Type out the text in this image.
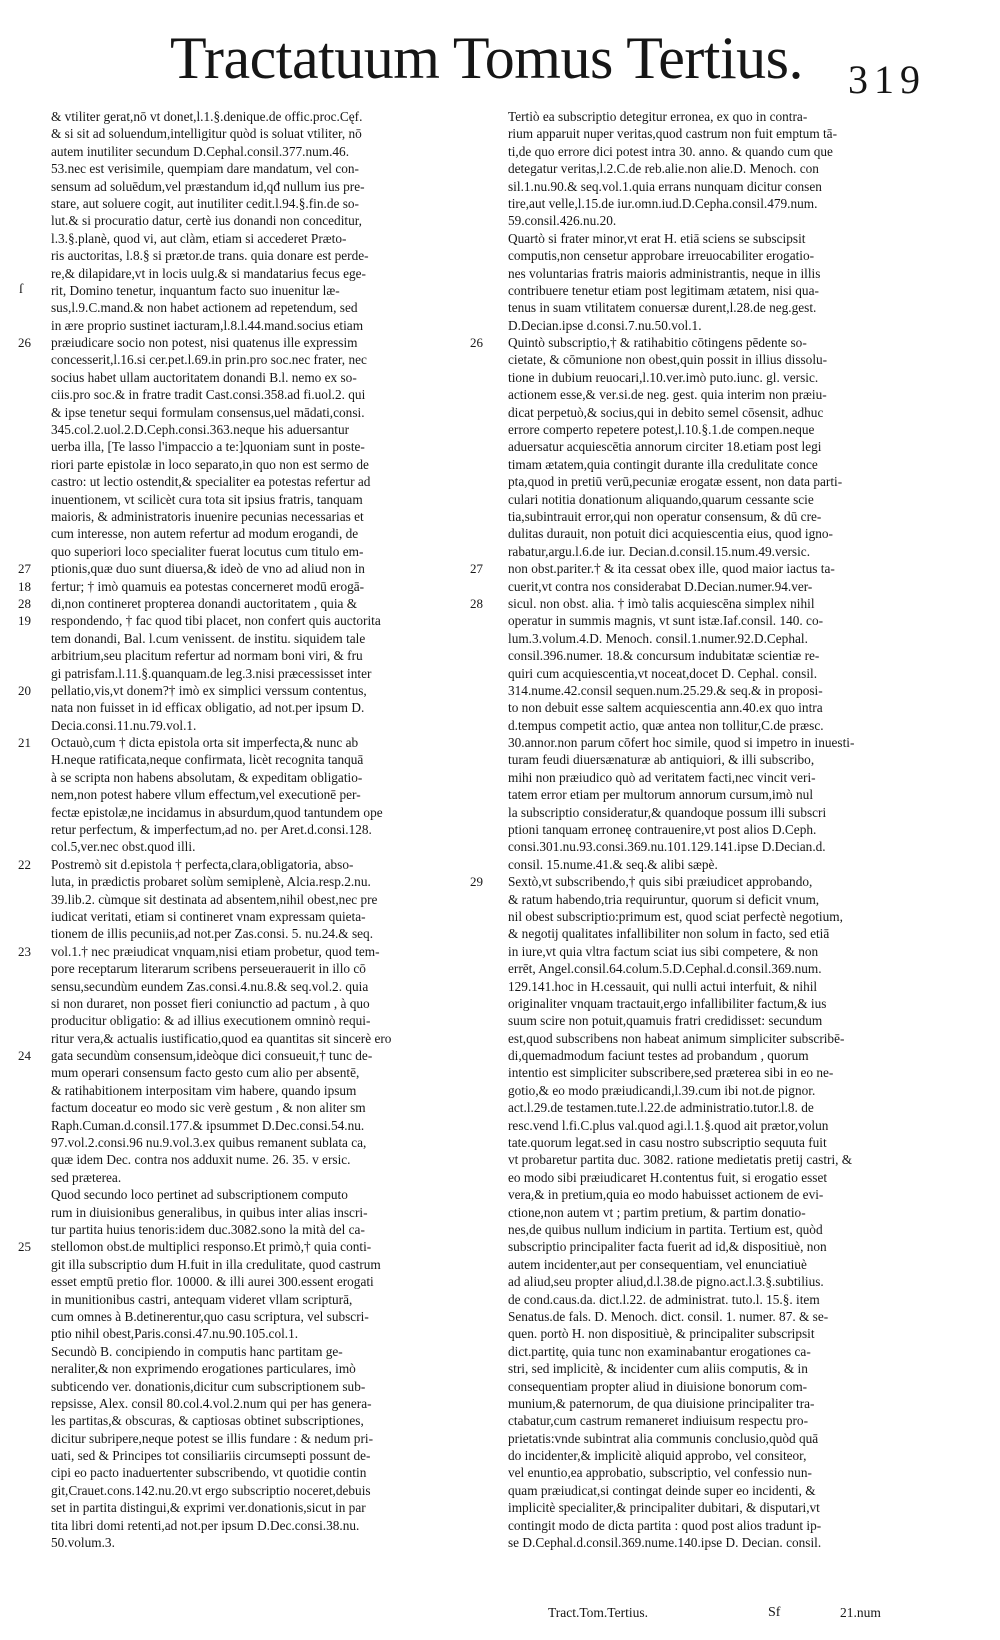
Tractatuum Tomus Tertius. 319
& vtiliter gerat,nō vt donet,l.1.§.denique.de offic.proc.Cęf.
& si sit ad soluendum,intelligitur quòd is soluat vtiliter, nō
autem inutiliter secundum D.Cephal.consil.377.num.46.
53.nec est verisimile, quempiam dare mandatum, vel con-
sensum ad soluēdum,vel præstandum id,qđ nullum ius pre-
stare, aut soluere cogit, aut inutiliter cedit.l.94.§.fin.de so-
lut.& si procuratio datur, certè ius donandi non conceditur,
l.3.§.planè, quod vi, aut clàm, etiam si accederet Præto-
ris auctoritas, l.8.§ si prætor.de trans. quia donare est perde-
re,& dilapidare,vt in locis uulg.& si mandatarius fecus ege-
rit, Domino tenetur, inquantum facto suo inuenitur læ-
sus,l.9.C.mand.& non habet actionem ad repetendum, sed
in ære proprio sustinet iacturam,l.8.l.44.mand.socius etiam
26 præiudicare socio non potest, nisi quatenus ille expressim
concesserit,l.16.si cer.pet.l.69.in prin.pro soc.nec frater, nec
socius habet ullam auctoritatem donandi B.l. nemo ex so-
ciis.pro soc.& in fratre tradit Cast.consi.358.ad fi.uol.2. qui
& ipse tenetur sequi formulam consensus,uel mādati,consi.
345.col.2.uol.2.D.Ceph.consi.363.neque his aduersantur
uerba illa, [Te lasso l'impaccio a te:]quoniam sunt in poste-
riori parte epistolæ in loco separato,in quo non est sermo de
castro: ut lectio ostendit,& specialiter ea potestas refertur ad
inuentionem, vt scilicèt cura tota sit ipsius fratris, tanquam
maioris, & administratoris inuenire pecunias necessarias et
cum interesse, non autem refertur ad modum erogandi, de
quo superiori loco specialiter fuerat locutus cum titulo em-
27 ptionis,quæ duo sunt diuersa,& ideò de vno ad aliud non in
18 fertur; † imò quamuis ea potestas concerneret modū erogā-
28 di,non contineret propterea donandi auctoritatem , quia &
19 respondendo, † fac quod tibi placet, non confert quis auctorita
tem donandi, Bal. l.cum venissent. de institu. siquidem tale
arbitrium,seu placitum refertur ad normam boni viri, & fru
gi patrisfam.l.11.§.quanquam.de leg.3.nisi præcessisset inter
20 pellatio,vis,vt donem?† imò ex simplici verssum contentus,
nata non fuisset in id efficax obligatio, ad not.per ipsum D.
Decia.consi.11.nu.79.vol.1.
21 Octauò,cum † dicta epistola orta sit imperfecta,& nunc ab
H.neque ratificata,neque confirmata, licèt recognita tanquā
à se scripta non habens absolutam, & expeditam obligatio-
nem,non potest habere vllum effectum,vel executionē per-
fectæ epistolæ,ne incidamus in absurdum,quod tantundem ope
retur perfectum, & imperfectum,ad no. per Aret.d.consi.128.
col.5,ver.nec obst.quod illi.
22 Postremò sit d.epistola † perfecta,clara,obligatoria, abso-
luta, in prædictis probaret solùm semiplenè, Alcia.resp.2.nu.
39.lib.2. cùmque sit destinata ad absentem,nihil obest,nec pre
iudicat veritati, etiam si contineret vnam expressam quieta-
tionem de illis pecuniis,ad not.per Zas.consi. 5. nu.24.& seq.
23 vol.1.† nec præiudicat vnquam,nisi etiam probetur, quod tem-
pore receptarum literarum scribens perseuerauerit in illo cō
sensu,secundùm eundem Zas.consi.4.nu.8.& seq.vol.2. quia
si non duraret, non posset fieri coniunctio ad pactum , à quo
producitur obligatio: & ad illius executionem omninò requi-
ritur vera,& actualis iustificatio,quod ea quantitas sit sincerè ero
24 gata secundùm consensum,ideòque dici consueuit,† tunc de-
mum operari consensum facto gesto cum alio per absentē,
& ratihabitionem interpositam vim habere, quando ipsum
factum doceatur eo modo sic verè gestum , & non aliter sm
Raph.Cuman.d.consil.177.& ipsummet D.Dec.consi.54.nu.
97.vol.2.consi.96 nu.9.vol.3.ex quibus remanent sublata ca,
quæ idem Dec. contra nos adduxit nume. 26. 35. v ersic.
sed præterea.
Quod secundo loco pertinet ad subscriptionem computo
rum in diuisionibus generalibus, in quibus inter alias inscri-
tur partita huius tenoris:idem duc.3082.sono la mità del ca-
25 stellomon obst.de multiplici responso.Et primò,† quia conti-
git illa subscriptio dum H.fuit in illa credulitate, quod castrum
esset emptū pretio flor. 10000. & illi aurei 300.essent erogati
in munitionibus castri, antequam videret vllam scripturā,
cum omnes à B.detinerentur,quo casu scriptura, vel subscri-
ptio nihil obest,Paris.consi.47.nu.90.105.col.1.
Secundò B. concipiendo in computis hanc partitam ge-
neraliter,& non exprimendo erogationes particulares, imò
subticendo ver. donationis,dicitur cum subscriptionem sub-
repsisse, Alex. consil 80.col.4.vol.2.num qui per has genera-
les partitas,& obscuras, & captiosas obtinet subscriptiones,
dicitur subripere,neque potest se illis fundare : & nedum pri-
uati, sed & Principes tot consiliariis circumsepti possunt de-
cipi eo pacto inaduertenter subscribendo, vt quotidie contin
git,Crauet.cons.142.nu.20.vt ergo subscriptio noceret,debuis
set in partita distingui,& exprimi ver.donationis,sicut in par
tita libri domi retenti,ad not.per ipsum D.Dec.consi.38.nu.
50.volum.3.
Tertiò ea subscriptio detegitur erronea, ex quo in contra-
rium apparuit nuper veritas,quod castrum non fuit emptum tā-
ti,de quo errore dici potest intra 30. anno. & quando cum que
detegatur veritas,l.2.C.de reb.alie.non alie.D. Menoch. con
sil.1.nu.90.& seq.vol.1.quia errans nunquam dicitur consen
tire,aut velle,l.15.de iur.omn.iud.D.Cepha.consil.479.num.
59.consil.426.nu.20.
Quartò si frater minor,vt erat H. etiā sciens se subscipsit
computis,non censetur approbare irreuocabiliter erogatio-
nes voluntarias fratris maioris administrantis, neque in illis
contribuere tenetur etiam post legitimam ætatem, nisi qua-
tenus in suam vtilitatem conuersæ durent,l.28.de neg.gest.
D.Decian.ipse d.consi.7.nu.50.vol.1.
26 Quintò subscriptio,† & ratihabitio cōtingens pēdente so-
cietate, & cōmunione non obest,quin possit in illius dissolu-
tione in dubium reuocari,l.10.ver.imò puto.iunc. gl. versic.
actionem esse,& ver.si.de neg. gest. quia interim non præiu-
dicat perpetuò,& socius,qui in debito semel cōsensit, adhuc
errore comperto repetere potest,l.10.§.1.de compen.neque
aduersatur acquiescētia annorum circiter 18.etiam post legi
timam ætatem,quia contingit durante illa credulitate conce
pta,quod in pretiū verū,pecuniæ erogatæ essent, non data parti-
culari notitia donationum aliquando,quarum cessante scie
tia,subintrauit error,qui non operatur consensum, & dū cre-
dulitas durauit, non potuit dici acquiescentia eius, quod igno-
rabatur,argu.l.6.de iur. Decian.d.consil.15.num.49.versic.
27 non obst.pariter.† & ita cessat obex ille, quod maior iactus ta-
cuerit,vt contra nos considerabat D.Decian.numer.94.ver-
28 sicul. non obst. alia. † imò talis acquiescēna simplex nihil
operatur in summis magnis, vt sunt istæ.Iaf.consil. 140. co-
lum.3.volum.4.D. Menoch. consil.1.numer.92.D.Cephal.
consil.396.numer. 18.& concursum indubitatæ scientiæ re-
quiri cum acquiescentia,vt noceat,docet D. Cephal. consil.
314.nume.42.consil sequen.num.25.29.& seq.& in proposi-
to non debuit esse saltem acquiescentia ann.40.ex quo intra
d.tempus competit actio, quæ antea non tollitur,C.de præsc.
30.annor.non parum cōfert hoc simile, quod si impetro in inuesti-
turam feudi diuersænaturæ ab antiquiori, & illi subscribo,
mihi non præiudico quò ad veritatem facti,nec vincit veri-
tatem error etiam per multorum annorum cursum,imò nul
la subscriptio consideratur,& quandoque possum illi subscri
ptioni tanquam erroneę contrauenire,vt post alios D.Ceph.
consi.301.nu.93.consi.369.nu.101.129.141.ipse D.Decian.d.
consil. 15.nume.41.& seq.& alibi sæpè.
29 Sextò,vt subscribendo,† quis sibi præiudicet approbando,
& ratum habendo,tria requiruntur, quorum si deficit vnum,
nil obest subscriptio:primum est, quod sciat perfectè negotium,
& negotij qualitates infallibiliter non solum in facto, sed etiā
in iure,vt quia vltra factum sciat ius sibi competere, & non
errēt, Angel.consil.64.colum.5.D.Cephal.d.consil.369.num.
129.141.hoc in H.cessauit, qui nulli actui interfuit, & nihil
originaliter vnquam tractauit,ergo infallibiliter factum,& ius
suum scire non potuit,quamuis fratri credidisset: secundum
est,quod subscribens non habeat animum simpliciter subscribē-
di,quemadmodum faciunt testes ad probandum , quorum
intentio est simpliciter subscribere,sed præterea sibi in eo ne-
gotio,& eo modo præiudicandi,l.39.cum ibi not.de pignor.
act.l.29.de testamen.tute.l.22.de administratio.tutor.l.8. de
resc.vend l.fi.C.plus val.quod agi.l.1.§.quod ait prætor,volun
tate.quorum legat.sed in casu nostro subscriptio sequuta fuit
vt probaretur partita duc. 3082. ratione medietatis pretij castri, &
eo modo sibi præiudicaret H.contentus fuit, si erogatio esset
vera,& in pretium,quia eo modo habuisset actionem de evi-
ctione,non autem vt ; partim pretium, & partim donatio-
nes,de quibus nullum indicium in partita. Tertium est, quòd
subscriptio principaliter facta fuerit ad id,& dispositiuè, non
autem incidenter,aut per consequentiam, vel enunciatiuè
ad aliud,seu propter aliud,d.l.38.de pigno.act.l.3.§.subtilius.
de cond.caus.da. dict.l.22. de administrat. tuto.l. 15.§. item
Senatus.de fals. D. Menoch. dict. consil. 1. numer. 87. & se-
quen. portò H. non dispositiuè, & principaliter subscripsit
dict.partitę, quia tunc non examinabantur erogationes ca-
stri, sed implicitè, & incidenter cum aliis computis, & in
consequentiam propter aliud in diuisione bonorum com-
munium,& paternorum, de qua diuisione principaliter tra-
ctabatur,cum castrum remaneret indiuisum respectu pro-
prietatis:vnde subintrat alia communis conclusio,quòd quā
do incidenter,& implicitè aliquid approbo, vel consiteor,
vel enuntio,ea approbatio, subscriptio, vel confessio nun-
quam præiudicat,si contingat deinde super eo incidenti, &
implicitè specialiter,& principaliter dubitari, & disputari,vt
contingit modo de dicta partita : quod post alios tradunt ip-
se D.Cephal.d.consil.369.nume.140.ipse D. Decian. consil.
ſ
Tract.Tom.Tertius.	Sf	21.num
